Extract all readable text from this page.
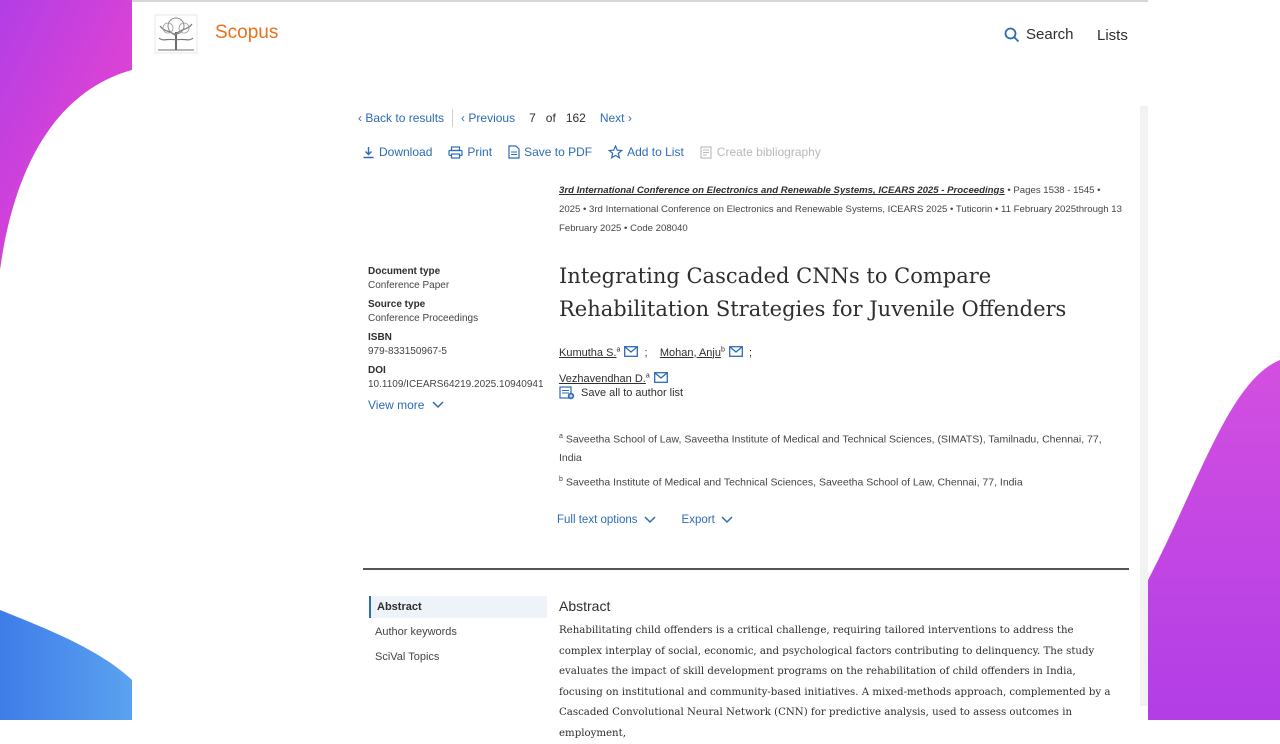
Scopus	Search Lists
‹ Back to results ‹ Previous 7 of 162 Next ›
Download	Print	Save to PDF	Add to List	Create bibliography
3rd International Conference on Electronics and Renewable Systems, ICEARS 2025 - Proceedings • Pages 1538 - 1545 • 2025 • 3rd International Conference on Electronics and Renewable Systems, ICEARS 2025 • Tuticorin • 11 February 2025through 13 February 2025 • Code 208040
Document type
Conference Paper
Source type
Conference Proceedings
ISBN
979-833150967-5
DOI
10.1109/ICEARS64219.2025.10940941
View more
Integrating Cascaded CNNs to Compare Rehabilitation Strategies for Juvenile Offenders
Kumutha S.$^a$ ; Mohan, Anju$^b$ ;
Vezhavendhan D.$^a$
Save all to author list
$^a$ Saveetha School of Law, Saveetha Institute of Medical and Technical Sciences, (SIMATS), Tamilnadu, Chennai, 77, India
$^b$ Saveetha Institute of Medical and Technical Sciences, Saveetha School of Law, Chennai, 77, India
Full text options	Export
Abstract
Author keywords
SciVal Topics
Abstract
Rehabilitating child offenders is a critical challenge, requiring tailored interventions to address the complex interplay of social, economic, and psychological factors contributing to delinquency. The study evaluates the impact of skill development programs on the rehabilitation of child offenders in India, focusing on institutional and community-based initiatives. A mixed-methods approach, complemented by a Cascaded Convolutional Neural Network (CNN) for predictive analysis, used to assess outcomes in employment,
